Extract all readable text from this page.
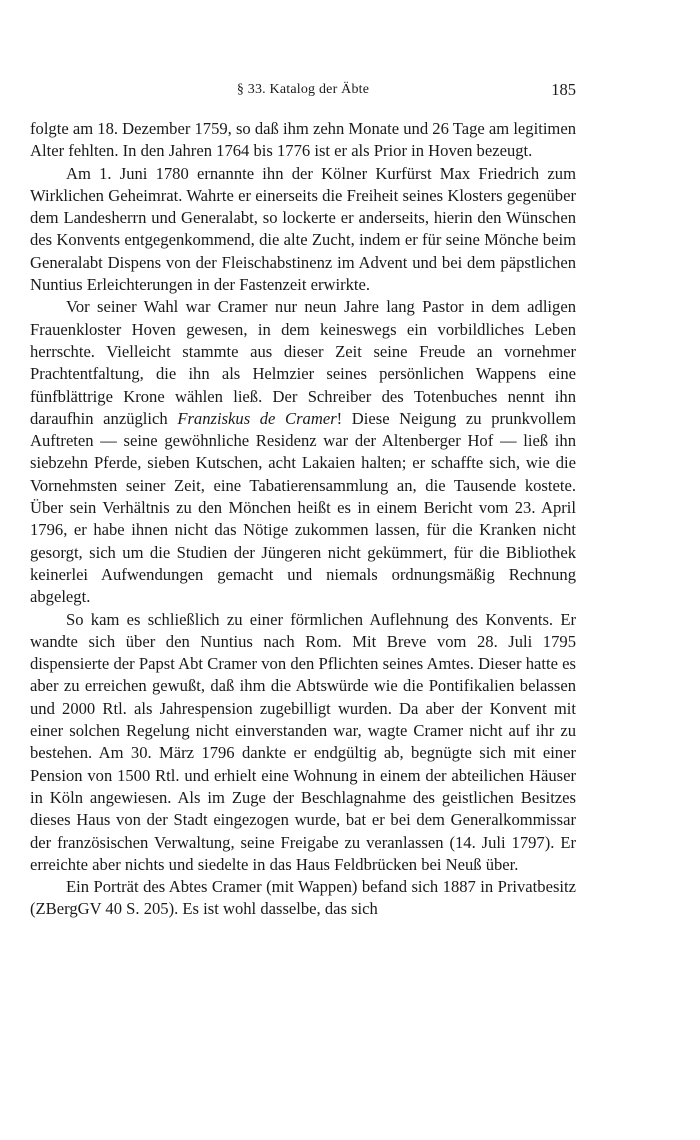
§ 33. Katalog der Äbte	185

folgte am 18. Dezember 1759, so daß ihm zehn Monate und 26 Tage am legitimen Alter fehlten. In den Jahren 1764 bis 1776 ist er als Prior in Hoven bezeugt.

Am 1. Juni 1780 ernannte ihn der Kölner Kurfürst Max Friedrich zum Wirklichen Geheimrat. Wahrte er einerseits die Freiheit seines Klosters gegenüber dem Landesherrn und Generalabt, so lockerte er anderseits, hierin den Wünschen des Konvents entgegenkommend, die alte Zucht, indem er für seine Mönche beim Generalabt Dispens von der Fleischabstinenz im Advent und bei dem päpstlichen Nuntius Erleichterungen in der Fastenzeit erwirkte.

Vor seiner Wahl war Cramer nur neun Jahre lang Pastor in dem adligen Frauenkloster Hoven gewesen, in dem keineswegs ein vorbildliches Leben herrschte. Vielleicht stammte aus dieser Zeit seine Freude an vornehmer Prachtentfaltung, die ihn als Helmzier seines persönlichen Wappens eine fünfblättrige Krone wählen ließ. Der Schreiber des Totenbuches nennt ihn daraufhin anzüglich Franziskus de Cramer! Diese Neigung zu prunkvollem Auftreten — seine gewöhnliche Residenz war der Altenberger Hof — ließ ihn siebzehn Pferde, sieben Kutschen, acht Lakaien halten; er schaffte sich, wie die Vornehmsten seiner Zeit, eine Tabatierensammlung an, die Tausende kostete. Über sein Verhältnis zu den Mönchen heißt es in einem Bericht vom 23. April 1796, er habe ihnen nicht das Nötige zukommen lassen, für die Kranken nicht gesorgt, sich um die Studien der Jüngeren nicht gekümmert, für die Bibliothek keinerlei Aufwendungen gemacht und niemals ordnungsmäßig Rechnung abgelegt.

So kam es schließlich zu einer förmlichen Auflehnung des Konvents. Er wandte sich über den Nuntius nach Rom. Mit Breve vom 28. Juli 1795 dispensierte der Papst Abt Cramer von den Pflichten seines Amtes. Dieser hatte es aber zu erreichen gewußt, daß ihm die Abtswürde wie die Pontifikalien belassen und 2000 Rtl. als Jahrespension zugebilligt wurden. Da aber der Konvent mit einer solchen Regelung nicht einverstanden war, wagte Cramer nicht auf ihr zu bestehen. Am 30. März 1796 dankte er endgültig ab, begnügte sich mit einer Pension von 1500 Rtl. und erhielt eine Wohnung in einem der abteilichen Häuser in Köln angewiesen. Als im Zuge der Beschlagnahme des geistlichen Besitzes dieses Haus von der Stadt eingezogen wurde, bat er bei dem Generalkommissar der französischen Verwaltung, seine Freigabe zu veranlassen (14. Juli 1797). Er erreichte aber nichts und siedelte in das Haus Feldbrücken bei Neuß über.

Ein Porträt des Abtes Cramer (mit Wappen) befand sich 1887 in Privatbesitz (ZBergGV 40 S. 205). Es ist wohl dasselbe, das sich
